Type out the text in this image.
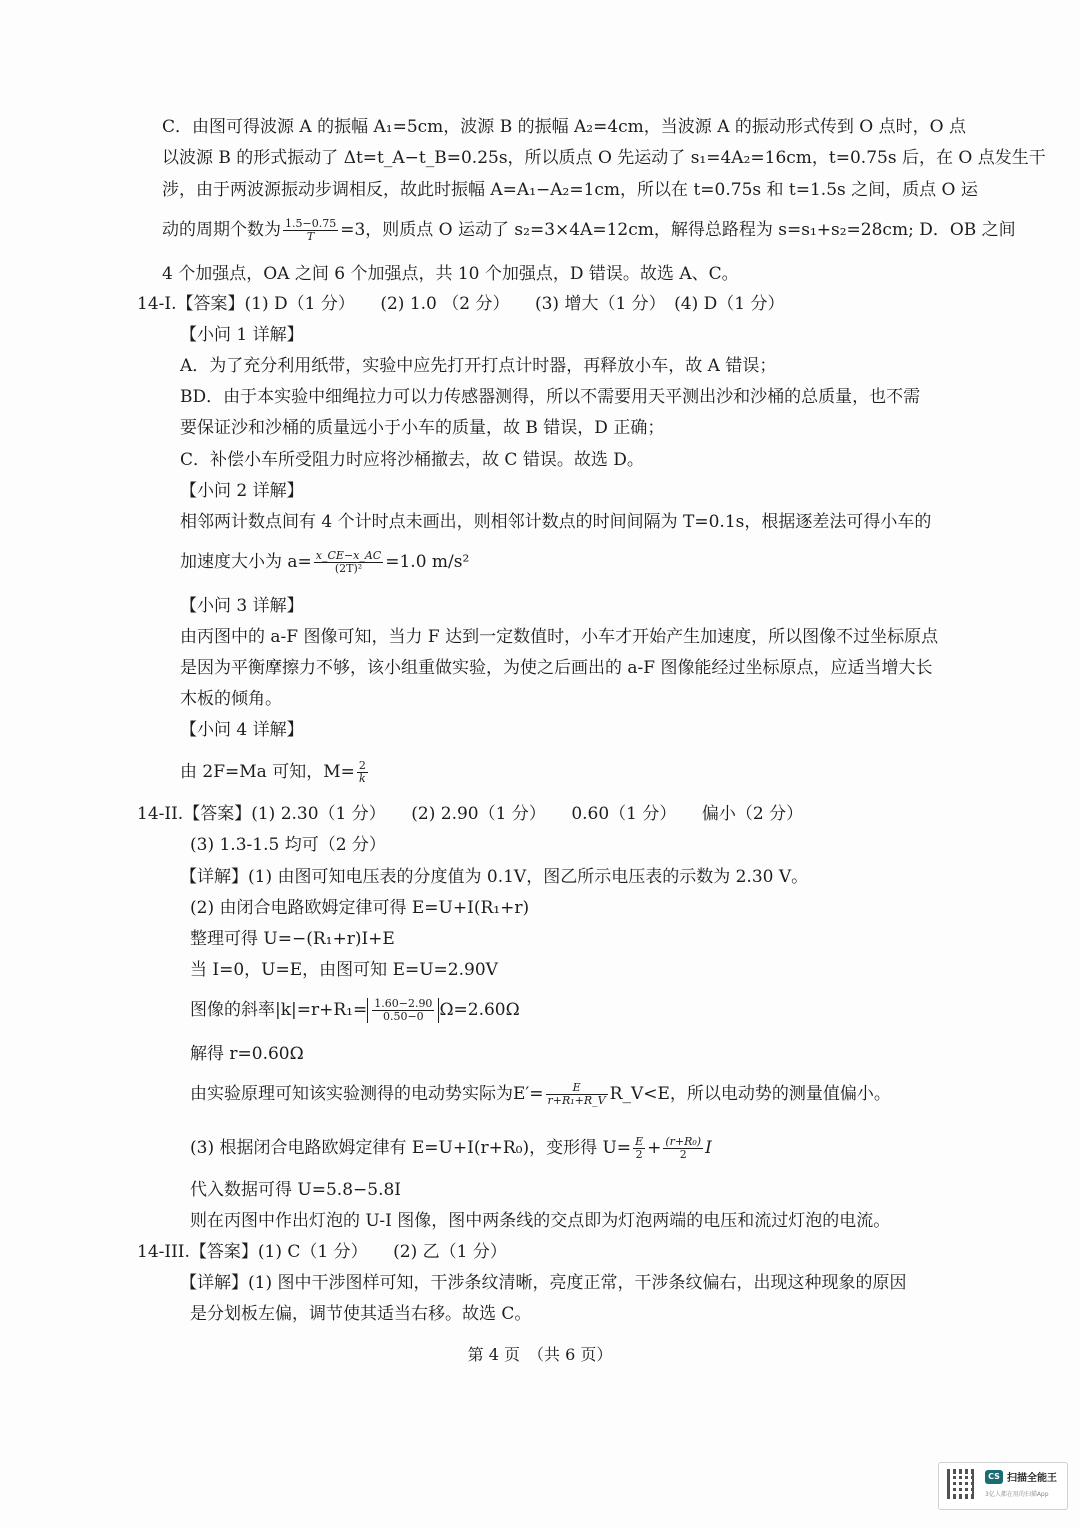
C．由图可得波源 A 的振幅 A₁=5cm，波源 B 的振幅 A₂=4cm，当波源 A 的振动形式传到 O 点时，O 点
以波源 B 的形式振动了 Δt=t_A−t_B=0.25s，所以质点 O 先运动了 s₁=4A₂=16cm，t=0.75s 后，在 O 点发生干
涉，由于两波源振动步调相反，故此时振幅 A=A₁−A₂=1cm，所以在 t=0.75s 和 t=1.5s 之间，质点 O 运
动的周期个数为 $\frac{1.5-0.75}{T} =3$，则质点 O 运动了 s₂=3×4A=12cm，解得总路程为 s=s₁+s₂=28cm; D．OB 之间
4 个加强点，OA 之间 6 个加强点，共 10 个加强点，D 错误。故选 A、C。
14-I.【答案】(1) D（1 分）　　(2) 1.0 （2 分）　　(3) 增大（1 分）　(4) D（1 分）
【小问 1 详解】
A．为了充分利用纸带，实验中应先打开打点计时器，再释放小车，故 A 错误；
BD．由于本实验中细绳拉力可以力传感器测得，所以不需要用天平测出沙和沙桶的总质量，也不需
要保证沙和沙桶的质量远小于小车的质量，故 B 错误，D 正确；
C．补偿小车所受阻力时应将沙桶撤去，故 C 错误。故选 D。
【小问 2 详解】
相邻两计数点间有 4 个计时点未画出，则相邻计数点的时间间隔为 T=0.1s，根据逐差法可得小车的
加速度大小为 $a= \frac{x\_CE-x\_AC}{\text{(2T)²}} =1.0$ m/s²
【小问 3 详解】
由丙图中的 a-F 图像可知，当力 F 达到一定数值时，小车才开始产生加速度，所以图像不过坐标原点
是因为平衡摩擦力不够，该小组重做实验，为使之后画出的 a-F 图像能经过坐标原点，应适当增大长
木板的倾角。
【小问 4 详解】
由 2F=Ma 可知，$M= \frac{2}{k}$
14-II.【答案】(1) 2.30（1 分）　　(2) 2.90（1 分）　　0.60（1 分）　　偏小（2 分）
(3) 1.3-1.5 均可（2 分）
【详解】(1) 由图可知电压表的分度值为 0.1V，图乙所示电压表的示数为 2.30 V。
(2) 由闭合电路欧姆定律可得 E=U+I(R₁+r)
整理可得 U=−(R₁+r)I+E
当 I=0，U=E，由图可知 E=U=2.90V
图像的斜率$|k|=r+R_1= \frac{1.60-2.90}{0.50-0} \Omega=2.60\Omega$
解得 r=0.60Ω
由实验原理可知该实验测得的电动势实际为$E'= \frac{E}{\text{r+R₁+R\_V}}$ R_V<E，所以电动势的测量值偏小。
(3) 根据闭合电路欧姆定律有 E=U+I(r+R₀)，变形得 $U= \frac{E}{2} + \frac{\text{(r+R₀)}}{2}$ I
代入数据可得 U=5.8−5.8I
则在丙图中作出灯泡的 U-I 图像，图中两条线的交点即为灯泡两端的电压和流过灯泡的电流。
14-III.【答案】(1) C（1 分）　　(2) 乙（1 分）
【详解】(1) 图中干涉图样可知，干涉条纹清晰，亮度正常，干涉条纹偏右，出现这种现象的原因
是分划板左偏，调节使其适当右移。故选 C。
第 4 页　（共 6 页）
CS 扫描全能王
3亿人都在用的扫描App
